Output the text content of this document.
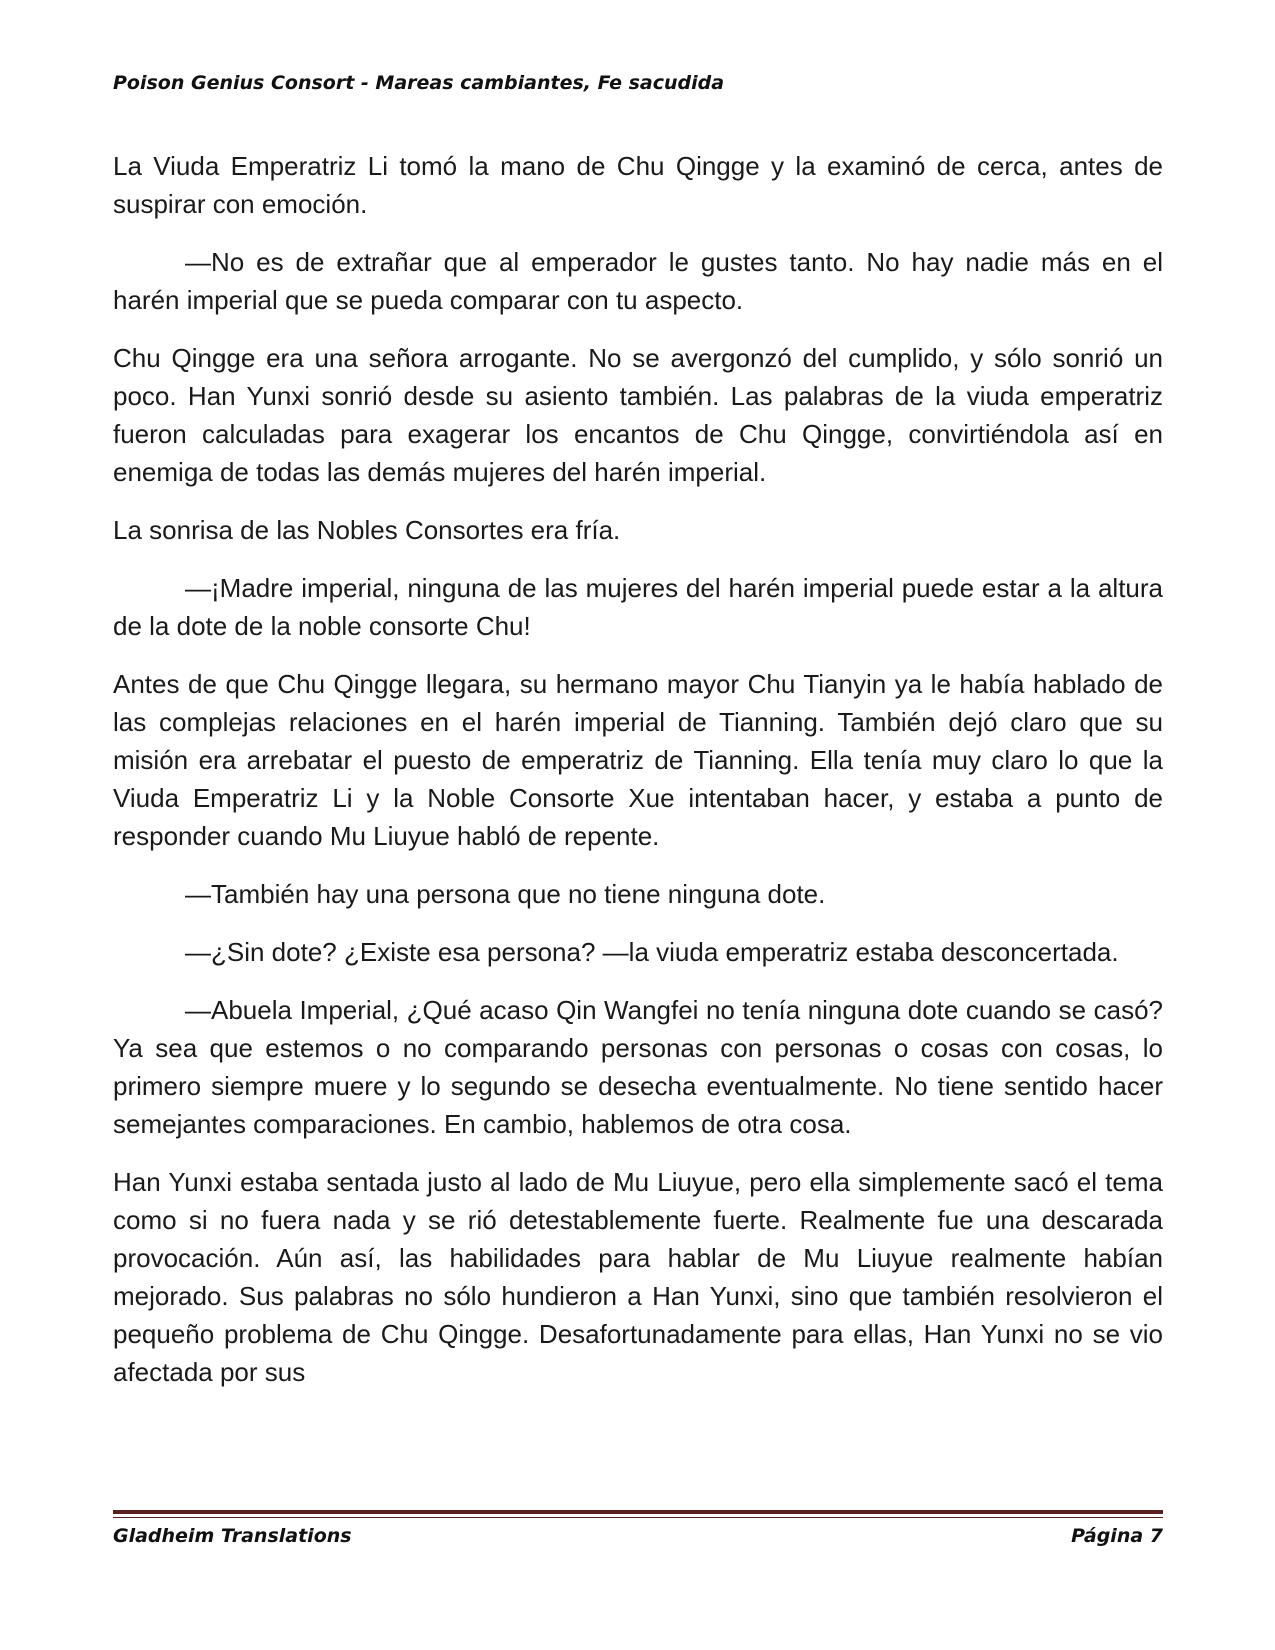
Poison Genius Consort - Mareas cambiantes, Fe sacudida

La Viuda Emperatriz Li tomó la mano de Chu Qingge y la examinó de cerca, antes de suspirar con emoción.

—No es de extrañar que al emperador le gustes tanto. No hay nadie más en el harén imperial que se pueda comparar con tu aspecto.

Chu Qingge era una señora arrogante. No se avergonzó del cumplido, y sólo sonrió un poco. Han Yunxi sonrió desde su asiento también. Las palabras de la viuda emperatriz fueron calculadas para exagerar los encantos de Chu Qingge, convirtiéndola así en enemiga de todas las demás mujeres del harén imperial.

La sonrisa de las Nobles Consortes era fría.

—¡Madre imperial, ninguna de las mujeres del harén imperial puede estar a la altura de la dote de la noble consorte Chu!

Antes de que Chu Qingge llegara, su hermano mayor Chu Tianyin ya le había hablado de las complejas relaciones en el harén imperial de Tianning. También dejó claro que su misión era arrebatar el puesto de emperatriz de Tianning. Ella tenía muy claro lo que la Viuda Emperatriz Li y la Noble Consorte Xue intentaban hacer, y estaba a punto de responder cuando Mu Liuyue habló de repente.

—También hay una persona que no tiene ninguna dote.

—¿Sin dote? ¿Existe esa persona? —la viuda emperatriz estaba desconcertada.

—Abuela Imperial, ¿Qué acaso Qin Wangfei no tenía ninguna dote cuando se casó? Ya sea que estemos o no comparando personas con personas o cosas con cosas, lo primero siempre muere y lo segundo se desecha eventualmente. No tiene sentido hacer semejantes comparaciones. En cambio, hablemos de otra cosa.

Han Yunxi estaba sentada justo al lado de Mu Liuyue, pero ella simplemente sacó el tema como si no fuera nada y se rió detestablemente fuerte. Realmente fue una descarada provocación. Aún así, las habilidades para hablar de Mu Liuyue realmente habían mejorado. Sus palabras no sólo hundieron a Han Yunxi, sino que también resolvieron el pequeño problema de Chu Qingge. Desafortunadamente para ellas, Han Yunxi no se vio afectada por sus

Gladheim Translations	Página 7
